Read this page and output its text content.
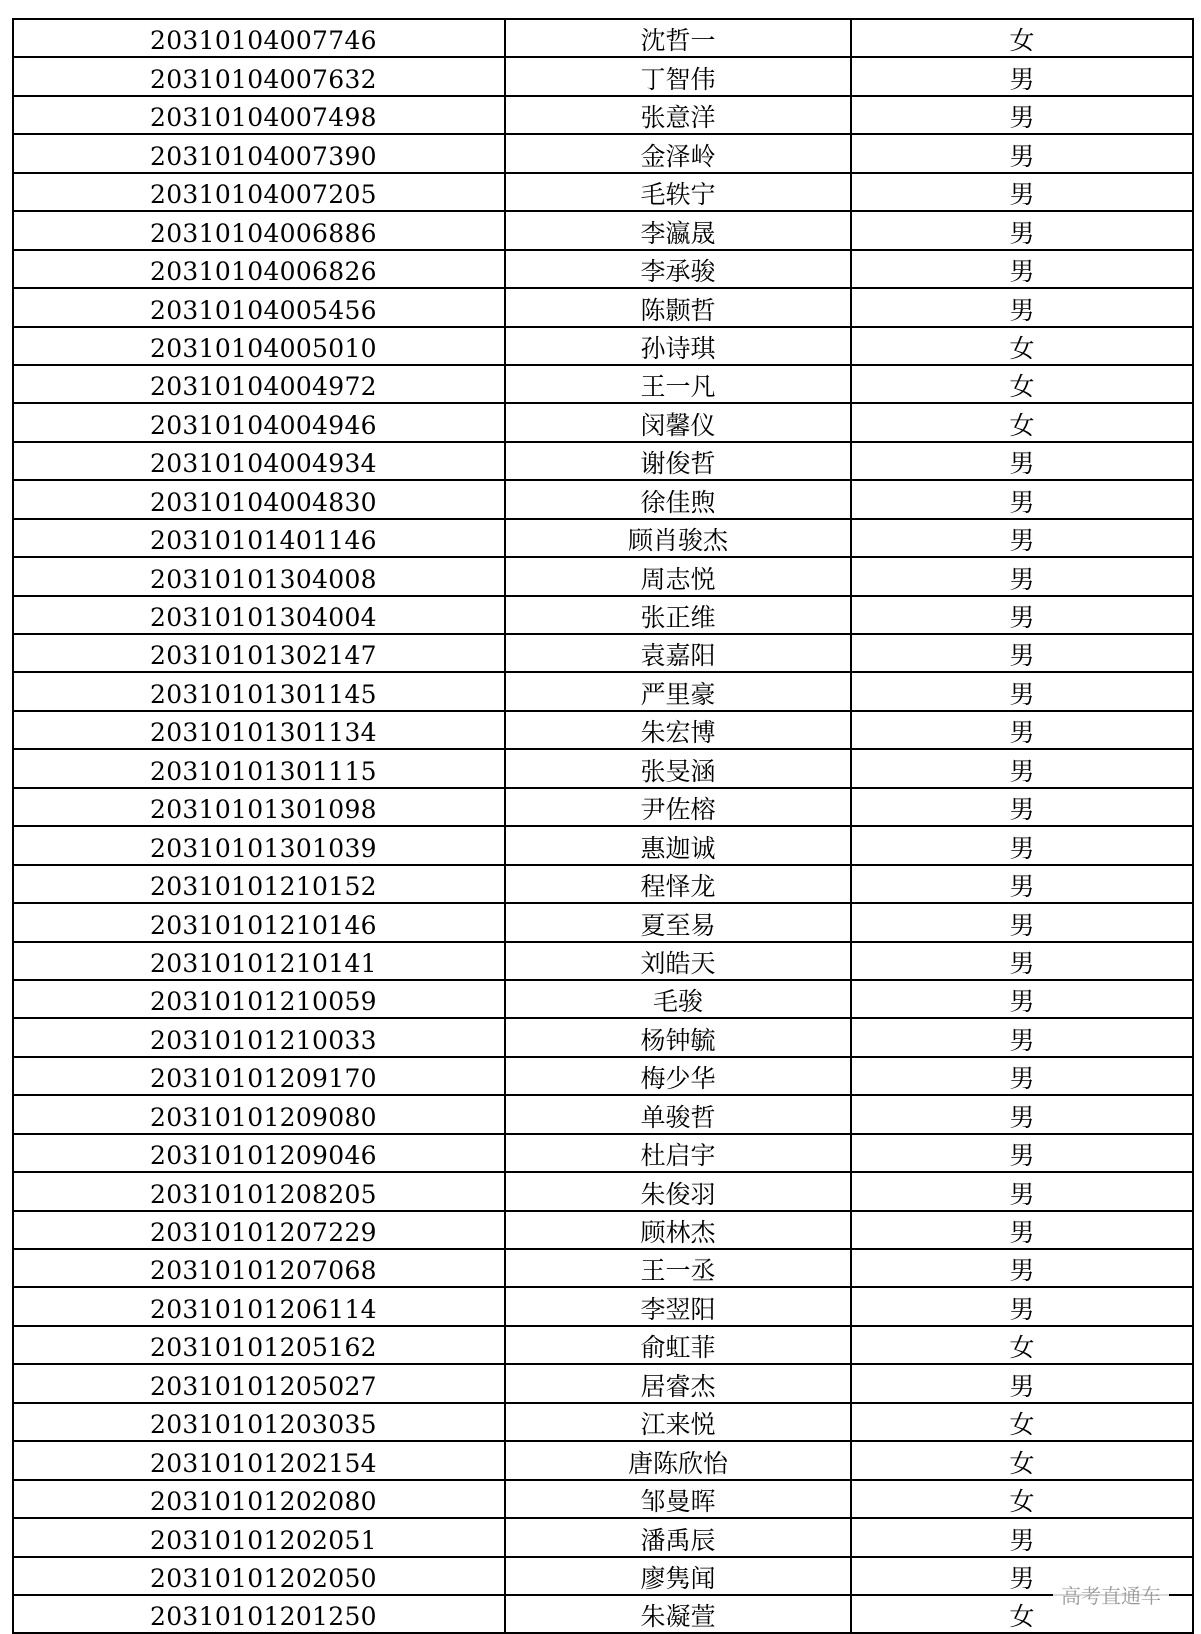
20310104007746	沈哲一	女
20310104007632	丁智伟	男
20310104007498	张意洋	男
20310104007390	金泽岭	男
20310104007205	毛轶宁	男
20310104006886	李瀛晟	男
20310104006826	李承骏	男
20310104005456	陈颢哲	男
20310104005010	孙诗琪	女
20310104004972	王一凡	女
20310104004946	闵馨仪	女
20310104004934	谢俊哲	男
20310104004830	徐佳煦	男
20310101401146	顾肖骏杰	男
20310101304008	周志悦	男
20310101304004	张正维	男
20310101302147	袁嘉阳	男
20310101301145	严里豪	男
20310101301134	朱宏博	男
20310101301115	张旻涵	男
20310101301098	尹佐榕	男
20310101301039	惠迦诚	男
20310101210152	程怿龙	男
20310101210146	夏至易	男
20310101210141	刘皓天	男
20310101210059	毛骏	男
20310101210033	杨钟毓	男
20310101209170	梅少华	男
20310101209080	单骏哲	男
20310101209046	杜启宇	男
20310101208205	朱俊羽	男
20310101207229	顾林杰	男
20310101207068	王一丞	男
20310101206114	李翌阳	男
20310101205162	俞虹菲	女
20310101205027	居睿杰	男
20310101203035	江来悦	女
20310101202154	唐陈欣怡	女
20310101202080	邹曼晖	女
20310101202051	潘禹辰	男
20310101202050	廖隽闻	男
20310101201250	朱凝萱	女
高考直通车
